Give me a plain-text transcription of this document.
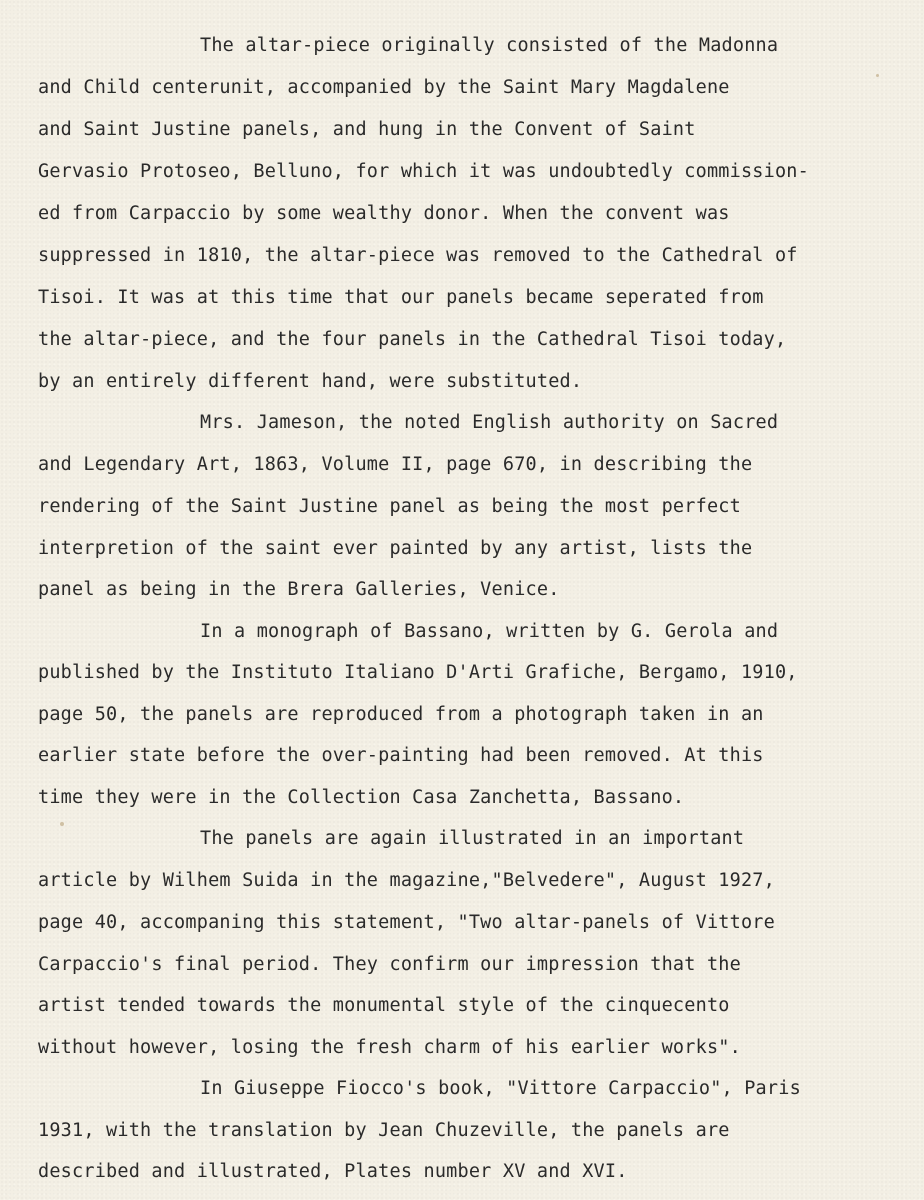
The altar-piece originally consisted of the Madonna
and Child centerunit, accompanied by the Saint Mary Magdalene
and Saint Justine panels, and hung in the Convent of Saint
Gervasio Protoseo, Belluno, for which it was undoubtedly commission-
ed from Carpaccio by some wealthy donor. When the convent was
suppressed in 1810, the altar-piece was removed to the Cathedral of
Tisoi. It was at this time that our panels became seperated from
the altar-piece, and the four panels in the Cathedral Tisoi today,
by an entirely different hand, were substituted.
Mrs. Jameson, the noted English authority on Sacred
and Legendary Art, 1863, Volume II, page 670, in describing the
rendering of the Saint Justine panel as being the most perfect
interpretion of the saint ever painted by any artist, lists the
panel as being in the Brera Galleries, Venice.
In a monograph of Bassano, written by G. Gerola and
published by the Instituto Italiano D'Arti Grafiche, Bergamo, 1910,
page 50, the panels are reproduced from a photograph taken in an
earlier state before the over-painting had been removed. At this
time they were in the Collection Casa Zanchetta, Bassano.
The panels are again illustrated in an important
article by Wilhem Suida in the magazine,"Belvedere", August 1927,
page 40, accompaning this statement, "Two altar-panels of Vittore
Carpaccio's final period. They confirm our impression that the
artist tended towards the monumental style of the cinquecento
without however, losing the fresh charm of his earlier works".
In Giuseppe Fiocco's book, "Vittore Carpaccio", Paris
1931, with the translation by Jean Chuzeville, the panels are
described and illustrated, Plates number XV and XVI.
